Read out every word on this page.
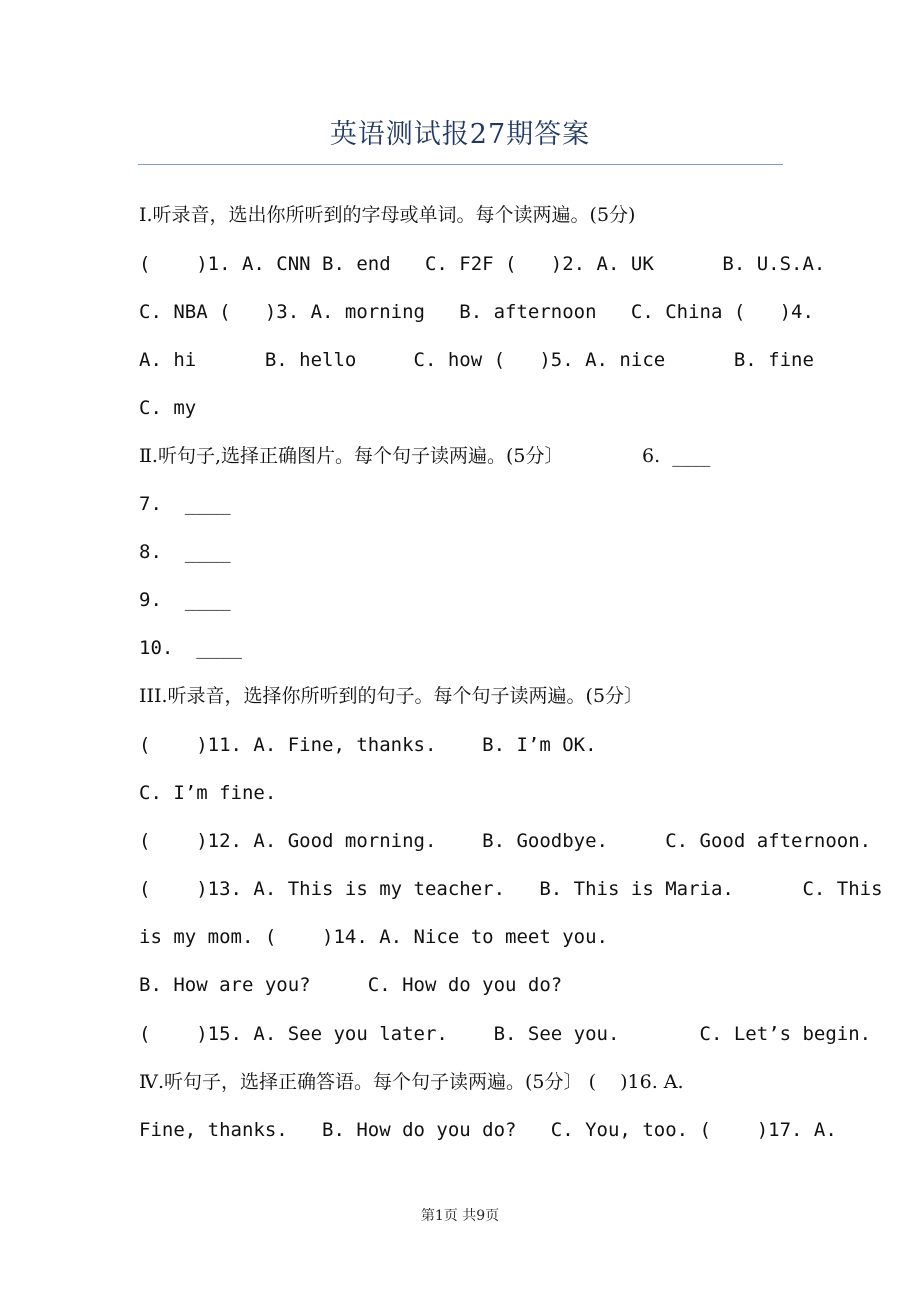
英语测试报27期答案
Ⅰ.听录音，选出你所听到的字母或单词。每个读两遍。(5分)
(    )1. A. CNN B. end   C. F2F (   )2. A. UK      B. U.S.A.
C. NBA (   )3. A. morning   B. afternoon   C. China (   )4.
A. hi      B. hello     C. how (   )5. A. nice      B. fine
C. my
Ⅱ.听句子,选择正确图片。每个句子读两遍。(5分〕             6.  ____
7.  ____
8.  ____
9.  ____
10.  ____
III.听录音，选择你所听到的句子。每个句子读两遍。(5分〕
(    )11. A. Fine, thanks.    B. I’m OK.
C. I’m fine.
(    )12. A. Good morning.    B. Goodbye.     C. Good afternoon.
(    )13. A. This is my teacher.   B. This is Maria.      C. This
is my mom. (    )14. A. Nice to meet you.
B. How are you?     C. How do you do?
(    )15. A. See you later.    B. See you.       C. Let’s begin.
Ⅳ.听句子，选择正确答语。每个句子读两遍。(5分〕 (    )16. A.
Fine, thanks.   B. How do you do?   C. You, too. (    )17. A.
第1页 共9页
